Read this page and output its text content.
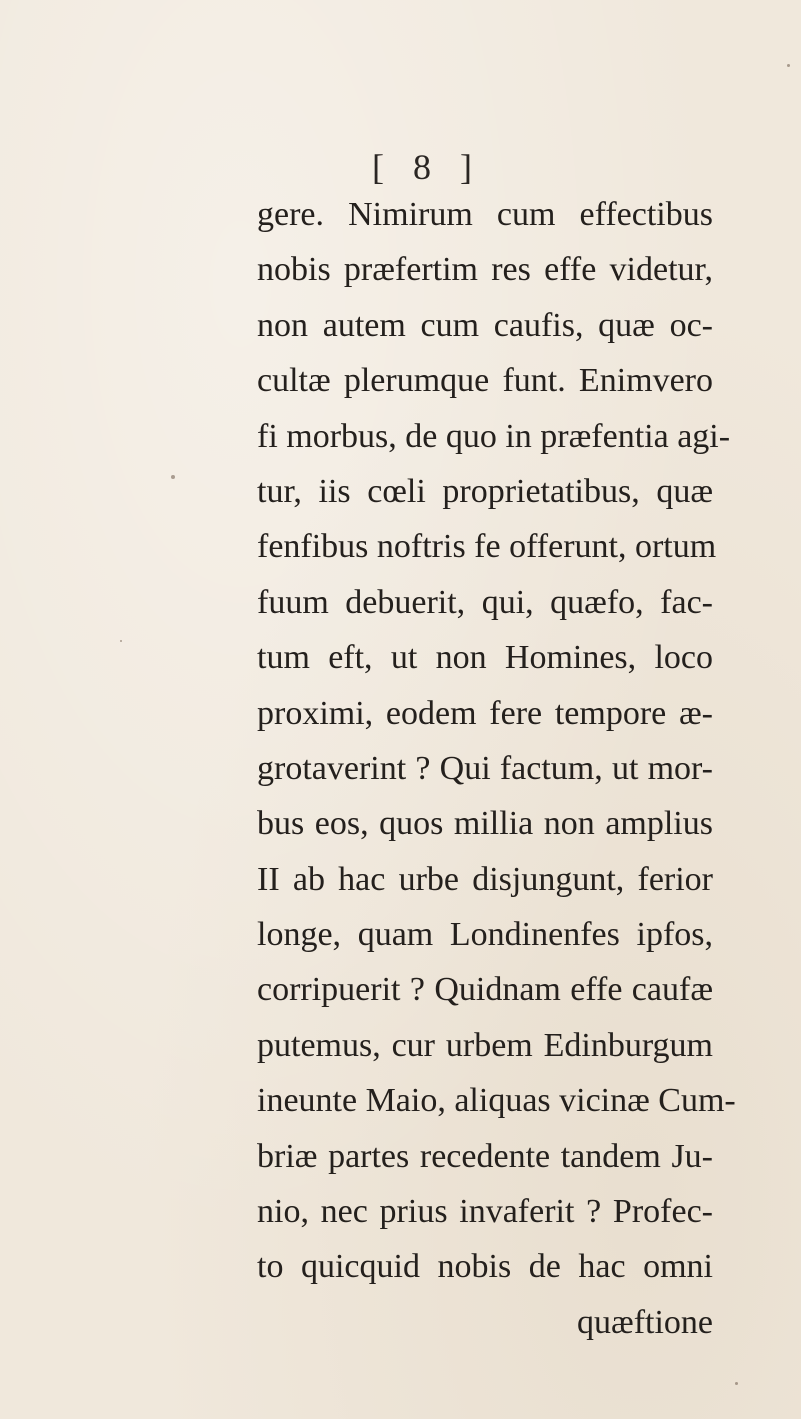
[ 8 ]
gere. Nimirum cum effectibus
nobis præfertim res effe videtur,
non autem cum caufis, quæ oc-
cultæ plerumque funt. Enimvero
fi morbus, de quo in præfentia agi-
tur, iis cœli proprietatibus, quæ
fenfibus noftris fe offerunt, ortum
fuum debuerit, qui, quæfo, fac-
tum eft, ut non Homines, loco
proximi, eodem fere tempore æ-
grotaverint ? Qui factum, ut mor-
bus eos, quos millia non amplius
II ab hac urbe disjungunt, ferior
longe, quam Londinenfes ipfos,
corripuerit ? Quidnam effe caufæ
putemus, cur urbem Edinburgum
ineunte Maio, aliquas vicinæ Cum-
briæ partes recedente tandem Ju-
nio, nec prius invaferit ? Profec-
to quicquid nobis de hac omni
quæftione
